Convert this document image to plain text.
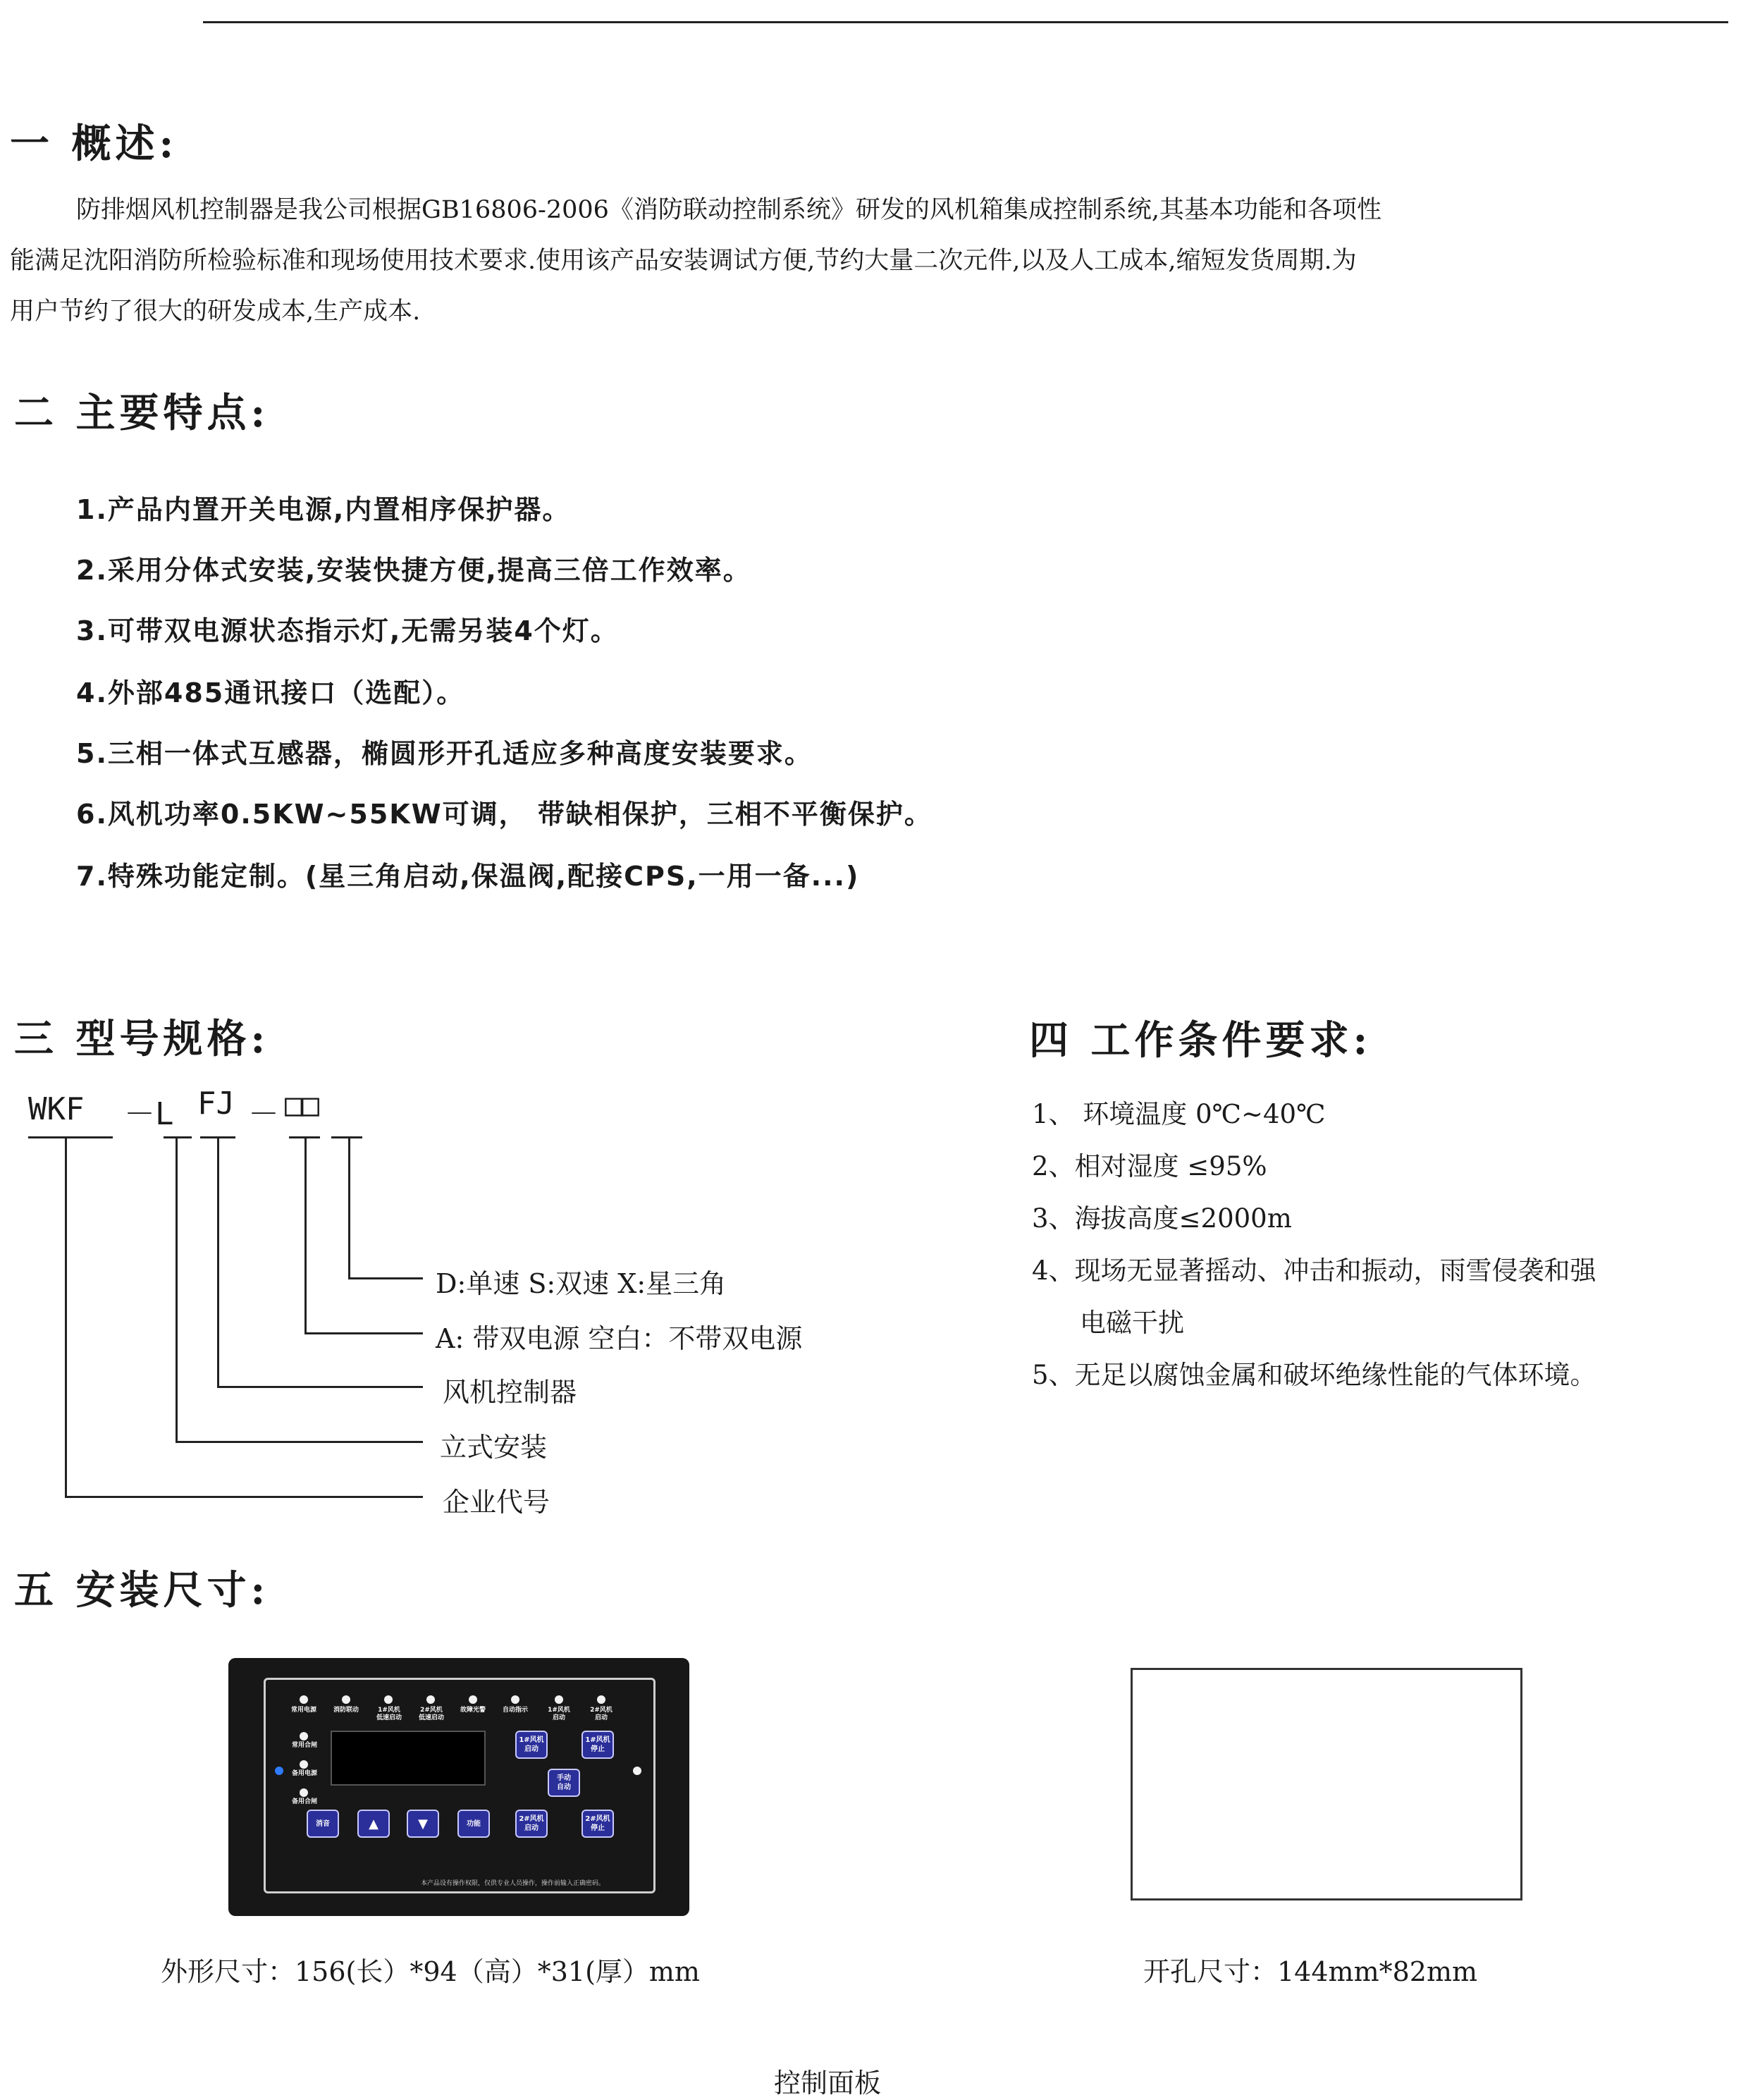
一 概述:
防排烟风机控制器是我公司根据GB16806-2006《消防联动控制系统》研发的风机箱集成控制系统,其基本功能和各项性
能满足沈阳消防所检验标准和现场使用技术要求.使用该产品安装调试方便,节约大量二次元件,以及人工成本,缩短发货周期.为
用户节约了很大的研发成本,生产成本.
二 主要特点:
1.产品内置开关电源,内置相序保护器。
2.采用分体式安装,安装快捷方便,提高三倍工作效率。
3.可带双电源状态指示灯,无需另装4个灯。
4.外部485通讯接口（选配）。
5.三相一体式互感器，椭圆形开孔适应多种高度安装要求。
6.风机功率0.5KW~55KW可调， 带缺相保护，三相不平衡保护。
7.特殊功能定制。(星三角启动,保温阀,配接CPS,一用一备...)
三 型号规格:
WKF －L FJ － □□
D:单速 S:双速 X:星三角
A: 带双电源 空白：不带双电源
风机控制器
立式安装
企业代号
四 工作条件要求:
1、 环境温度 0℃~40℃
2、相对湿度 ≤95%
3、海拔高度≤2000m
4、现场无显著摇动、冲击和振动，雨雪侵袭和强
电磁干扰
5、无足以腐蚀金属和破坏绝缘性能的气体环境。
五 安装尺寸:
常用电源	消防联动	1#风机
低速启动
2#风机
低速启动
故障光警	自动指示	1#风机
启动
2#风机
启动
常用合闸
备用电源
备用合闸
1#风机
启动
1#风机
停止
手动
自动
消音	▲	▼	功能
2#风机
启动
2#风机
停止
本产品设有操作权限，仅供专业人员操作，操作前输入正确密码。
外形尺寸：156(长）*94（高）*31(厚）mm	开孔尺寸：144mm*82mm
控制面板
